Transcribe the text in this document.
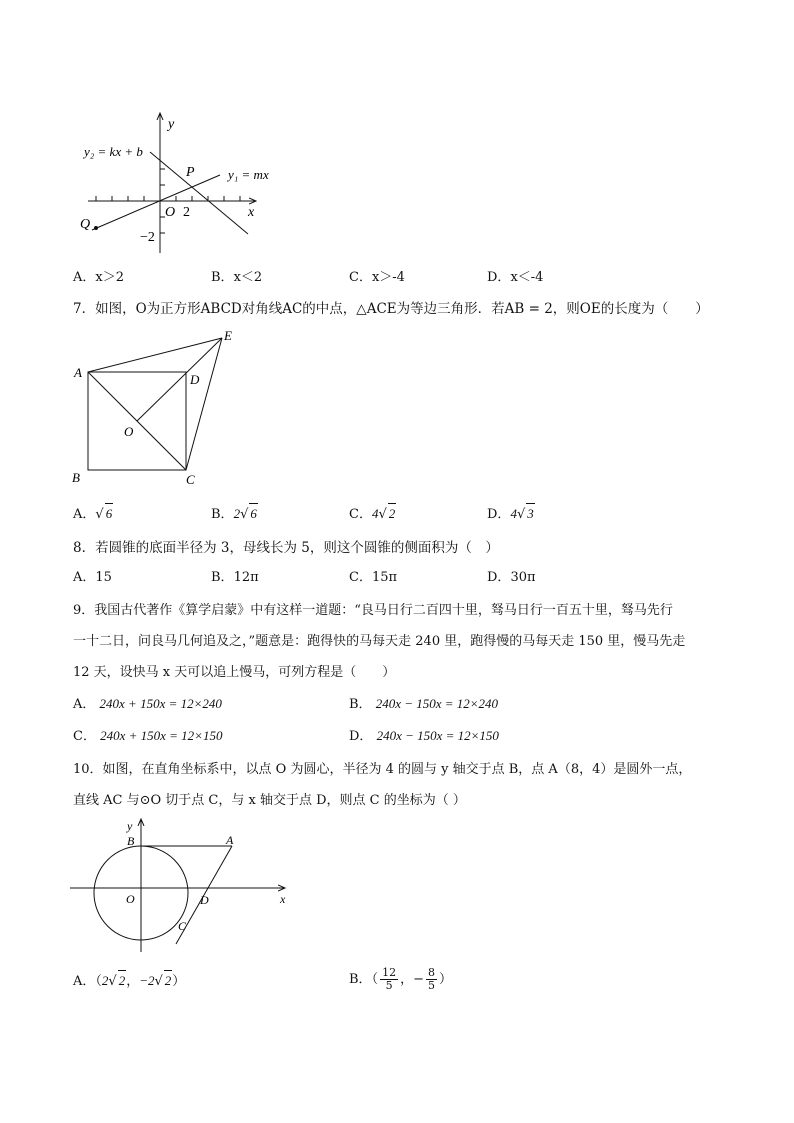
y
x
y₂ = kx + b
y₁ = mx
P
Q
O 2
−2
A．x＞2	B．x＜2	C．x＞-4	D．x＜-4
7．如图，O为正方形ABCD对角线AC的中点，△ACE为等边三角形．若AB = 2，则OE的长度为（　　）
A
B	C
D
E
O
A．√ 6	B．2√ 6	C．4√ 2	D．4√ 3
8．若圆锥的底面半径为 3，母线长为 5，则这个圆锥的侧面积为（　）
A．15	B．12π	C．15π	D．30π
9．我国古代著作《算学启蒙》中有这样一道题：“良马日行二百四十里，驽马日行一百五十里，驽马先行
一十二日，问良马几何追及之，”题意是：跑得快的马每天走 240 里，跑得慢的马每天走 150 里，慢马先走
12 天，设快马 x 天可以追上慢马，可列方程是（　　）
A． 240x + 150x = 12×240	B． 240x − 150x = 12×240
C． 240x + 150x = 12×150	D． 240x − 150x = 12×150
10．如图，在直角坐标系中，以点 O 为圆心，半径为 4 的圆与 y 轴交于点 B，点 A（8，4）是圆外一点，
直线 AC 与⊙O 切于点 C，与 x 轴交于点 D，则点 C 的坐标为（ ）
y
x
B	A
O	D
C
A．（2√ 2，−2√ 2）	B．（ $\frac{12}{5}$ ，− $\frac{8}{5}$ ）
